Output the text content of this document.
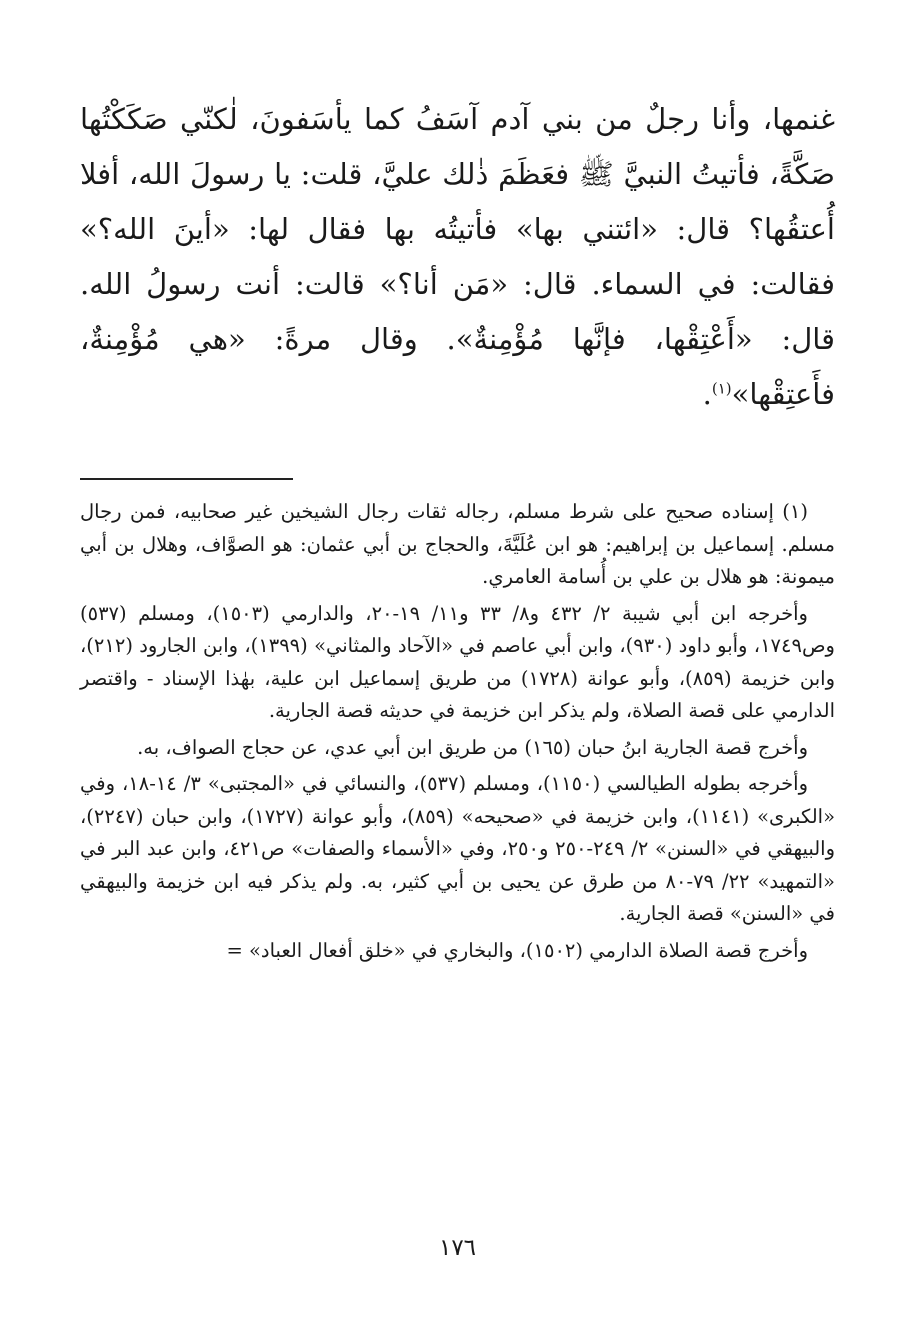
غنمها، وأنا رجلٌ من بني آدم آسَفُ كما يأسَفونَ، لٰكنّي صَكَكْتُها صَكَّةً، فأتيتُ النبيَّ ﷺ فعَظَمَ ذٰلك عليَّ، قلت: يا رسولَ الله، أفلا أُعتقُها؟ قال: «ائتني بها» فأتيتُه بها فقال لها: «أينَ الله؟» فقالت: في السماء. قال: «مَن أنا؟» قالت: أنت رسولُ الله. قال: «أَعْتِقْها، فإنَّها مُؤْمِنةٌ». وقال مرةً: «هي مُؤْمِنةٌ، فأَعتِقْها»$^{(١)}$.

(١) إسناده صحيح على شرط مسلم، رجاله ثقات رجال الشيخين غير صحابيه، فمن رجال مسلم. إسماعيل بن إبراهيم: هو ابن عُلَيَّةَ، والحجاج بن أبي عثمان: هو الصوَّاف، وهلال بن أبي ميمونة: هو هلال بن علي بن أُسامة العامري.

وأخرجه ابن أبي شيبة ٢/ ٤٣٢ و٨/ ٣٣ و١١/ ١٩-٢٠، والدارمي (١٥٠٣)، ومسلم (٥٣٧) وص١٧٤٩، وأبو داود (٩٣٠)، وابن أبي عاصم في «الآحاد والمثاني» (١٣٩٩)، وابن الجارود (٢١٢)، وابن خزيمة (٨٥٩)، وأبو عوانة (١٧٢٨) من طريق إسماعيل ابن علية، بهٰذا الإسناد - واقتصر الدارمي على قصة الصلاة، ولم يذكر ابن خزيمة في حديثه قصة الجارية.

وأخرج قصة الجارية ابنُ حبان (١٦٥) من طريق ابن أبي عدي، عن حجاج الصواف، به.

وأخرجه بطوله الطيالسي (١١٥٠)، ومسلم (٥٣٧)، والنسائي في «المجتبى» ٣/ ١٤-١٨، وفي «الكبرى» (١١٤١)، وابن خزيمة في «صحيحه» (٨٥٩)، وأبو عوانة (١٧٢٧)، وابن حبان (٢٢٤٧)، والبيهقي في «السنن» ٢/ ٢٤٩-٢٥٠ و٢٥٠، وفي «الأسماء والصفات» ص٤٢١، وابن عبد البر في «التمهيد» ٢٢/ ٧٩-٨٠ من طرق عن يحيى بن أبي كثير، به. ولم يذكر فيه ابن خزيمة والبيهقي في «السنن» قصة الجارية.

وأخرج قصة الصلاة الدارمي (١٥٠٢)، والبخاري في «خلق أفعال العباد» =

١٧٦
